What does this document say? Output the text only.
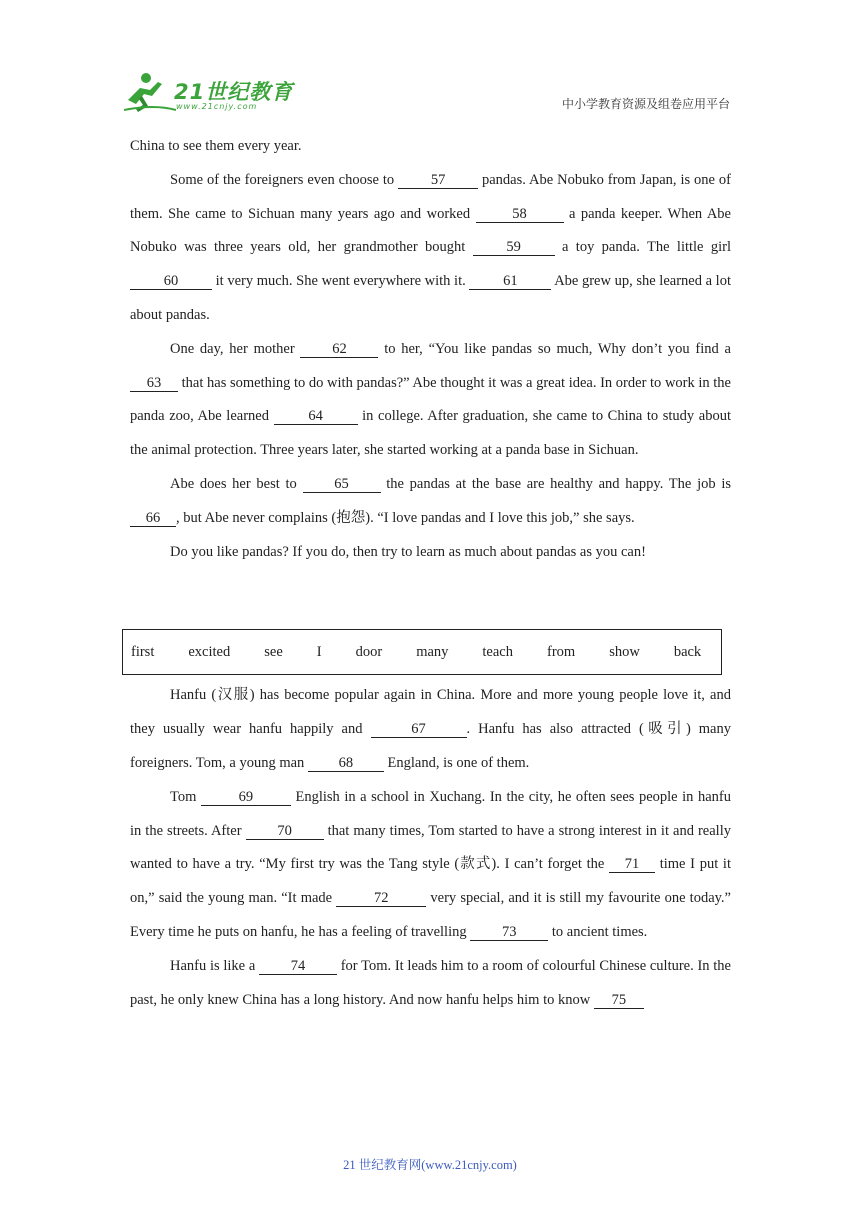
21世纪教育
www.21cnjy.com	中小学教育资源及组卷应用平台

China to see them every year.

Some of the foreigners even choose to 57 pandas. Abe Nobuko from Japan, is one of them. She came to Sichuan many years ago and worked	58	a panda keeper. When Abe Nobuko was three years old, her grandmother bought 59 a toy panda. The little girl 60 it very much. She went everywhere with it. 61 Abe grew up, she learned a lot about pandas.

One day, her mother 62 to her, “You like pandas so much, Why don’t you find a 63 that has something to do with pandas?” Abe thought it was a great idea. In order to work in the panda zoo, Abe learned 64 in college. After graduation, she came to China to study about the animal protection. Three years later, she started working at a panda base in Sichuan.

Abe does her best to 65 the pandas at the base are healthy and happy. The job is 66 , but Abe never complains (抱怨). “I love pandas and I love this job,” she says.

Do you like pandas? If you do, then try to learn as much about pandas as you can!

first excited see I door many teach from show back

Hanfu (汉服) has become popular again in China. More and more young people love it, and they usually wear hanfu happily and	67	. Hanfu has also attracted (吸引) many foreigners. Tom, a young man 68 England, is one of them.

Tom	69	English in a school in Xuchang. In the city, he often sees people in hanfu in the streets. After 70 that many times, Tom started to have a strong interest in it and really wanted to have a try. “My first try was the Tang style (款式). I can’t forget the 71 time I put it on,” said the young man. “It made	72	very special, and it is still my favourite one today.” Every time he puts on hanfu, he has a feeling of travelling 73 to ancient times.

Hanfu is like a 74 for Tom. It leads him to a room of colourful Chinese culture. In the past, he only knew China has a long history. And now hanfu helps him to know 75

21 世纪教育网(www.21cnjy.com)
